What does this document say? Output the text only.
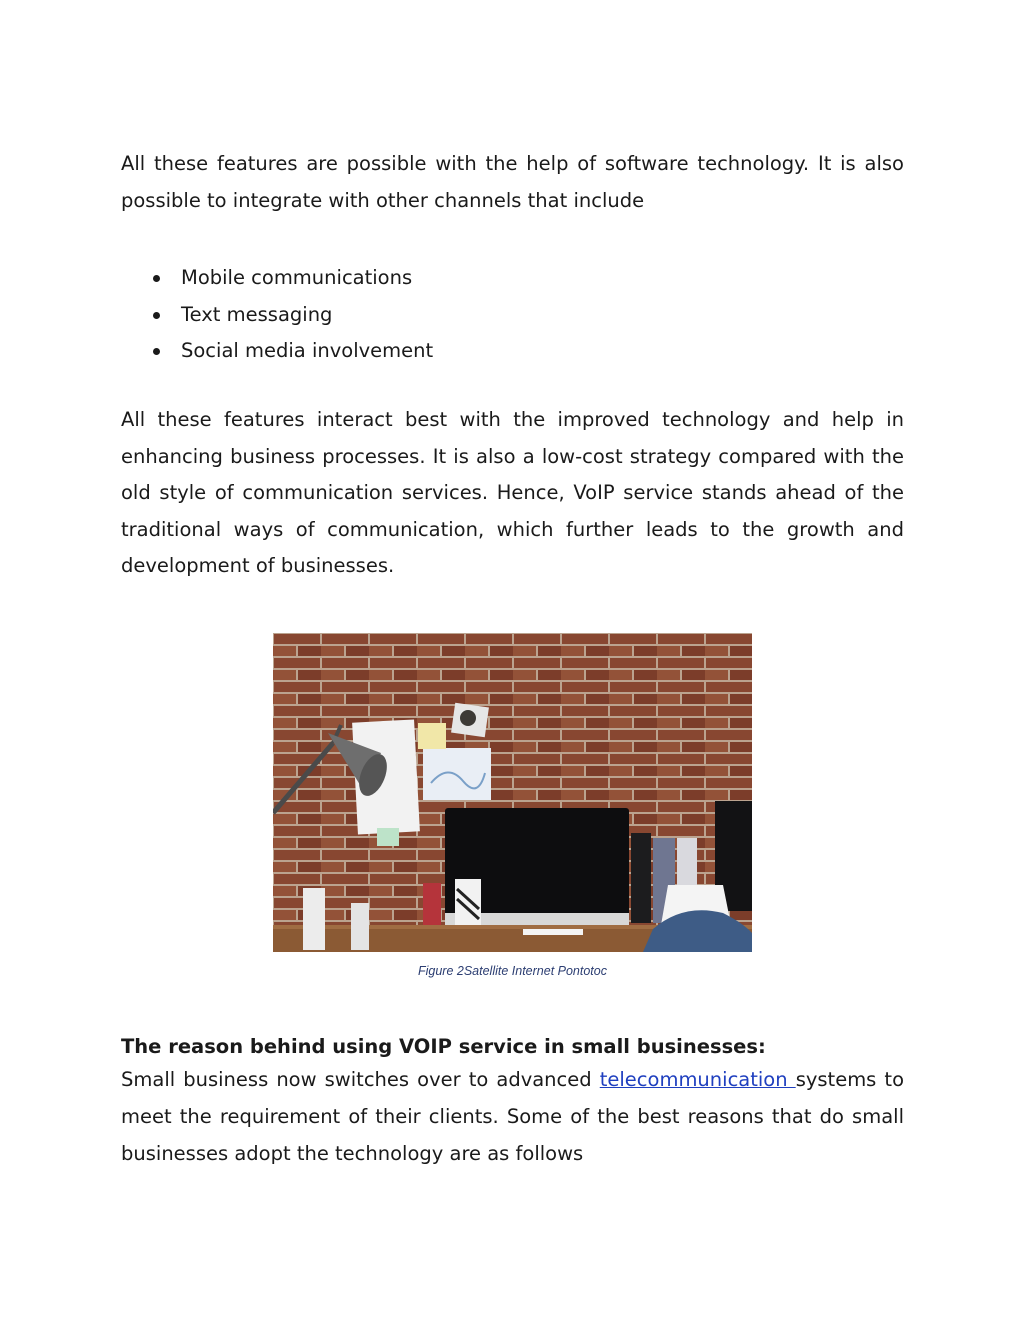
All these features are possible with the help of software technology. It is also possible to integrate with other channels that include

Mobile communications
Text messaging
Social media involvement

All these features interact best with the improved technology and help in enhancing business processes. It is also a low-cost strategy compared with the old style of communication services. Hence, VoIP service stands ahead of the traditional ways of communication, which further leads to the growth and development of businesses.

Figure 2Satellite Internet Pontotoc
The reason behind using VOIP service in small businesses:

Small business now switches over to advanced telecommunication systems to meet the requirement of their clients. Some of the best reasons that do small businesses adopt the technology are as follows
